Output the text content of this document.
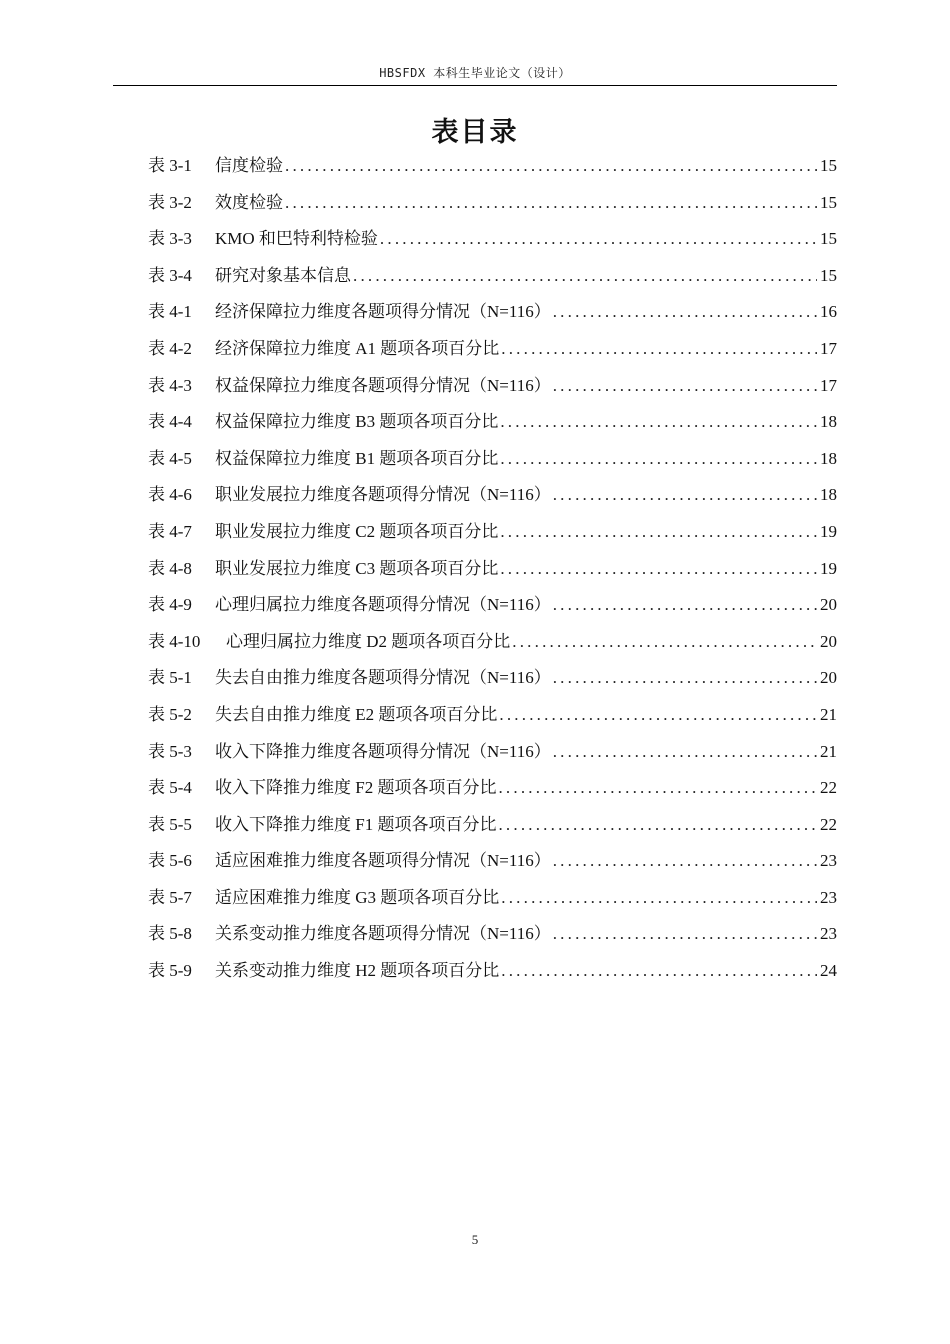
HBSFDX 本科生毕业论文（设计）
表目录
表 3-1	信度检验 .....	15
表 3-2	效度检验 .....	15
表 3-3	KMO 和巴特利特检验 .....	15
表 3-4	研究对象基本信息 .....	15
表 4-1	经济保障拉力维度各题项得分情况（N=116） .....	16
表 4-2	经济保障拉力维度 A1 题项各项百分比 .....	17
表 4-3	权益保障拉力维度各题项得分情况（N=116） .....	17
表 4-4	权益保障拉力维度 B3 题项各项百分比 .....	18
表 4-5	权益保障拉力维度 B1 题项各项百分比 .....	18
表 4-6	职业发展拉力维度各题项得分情况（N=116） .....	18
表 4-7	职业发展拉力维度 C2 题项各项百分比 .....	19
表 4-8	职业发展拉力维度 C3 题项各项百分比 .....	19
表 4-9	心理归属拉力维度各题项得分情况（N=116） .....	20
表 4-10	心理归属拉力维度 D2 题项各项百分比 .....	20
表 5-1	失去自由推力维度各题项得分情况（N=116） .....	20
表 5-2	失去自由推力维度 E2 题项各项百分比 .....	21
表 5-3	收入下降推力维度各题项得分情况（N=116） .....	21
表 5-4	收入下降推力维度 F2 题项各项百分比 .....	22
表 5-5	收入下降推力维度 F1 题项各项百分比 .....	22
表 5-6	适应困难推力维度各题项得分情况（N=116） .....	23
表 5-7	适应困难推力维度 G3 题项各项百分比 .....	23
表 5-8	关系变动推力维度各题项得分情况（N=116） .....	23
表 5-9	关系变动推力维度 H2 题项各项百分比 .....	24
5
